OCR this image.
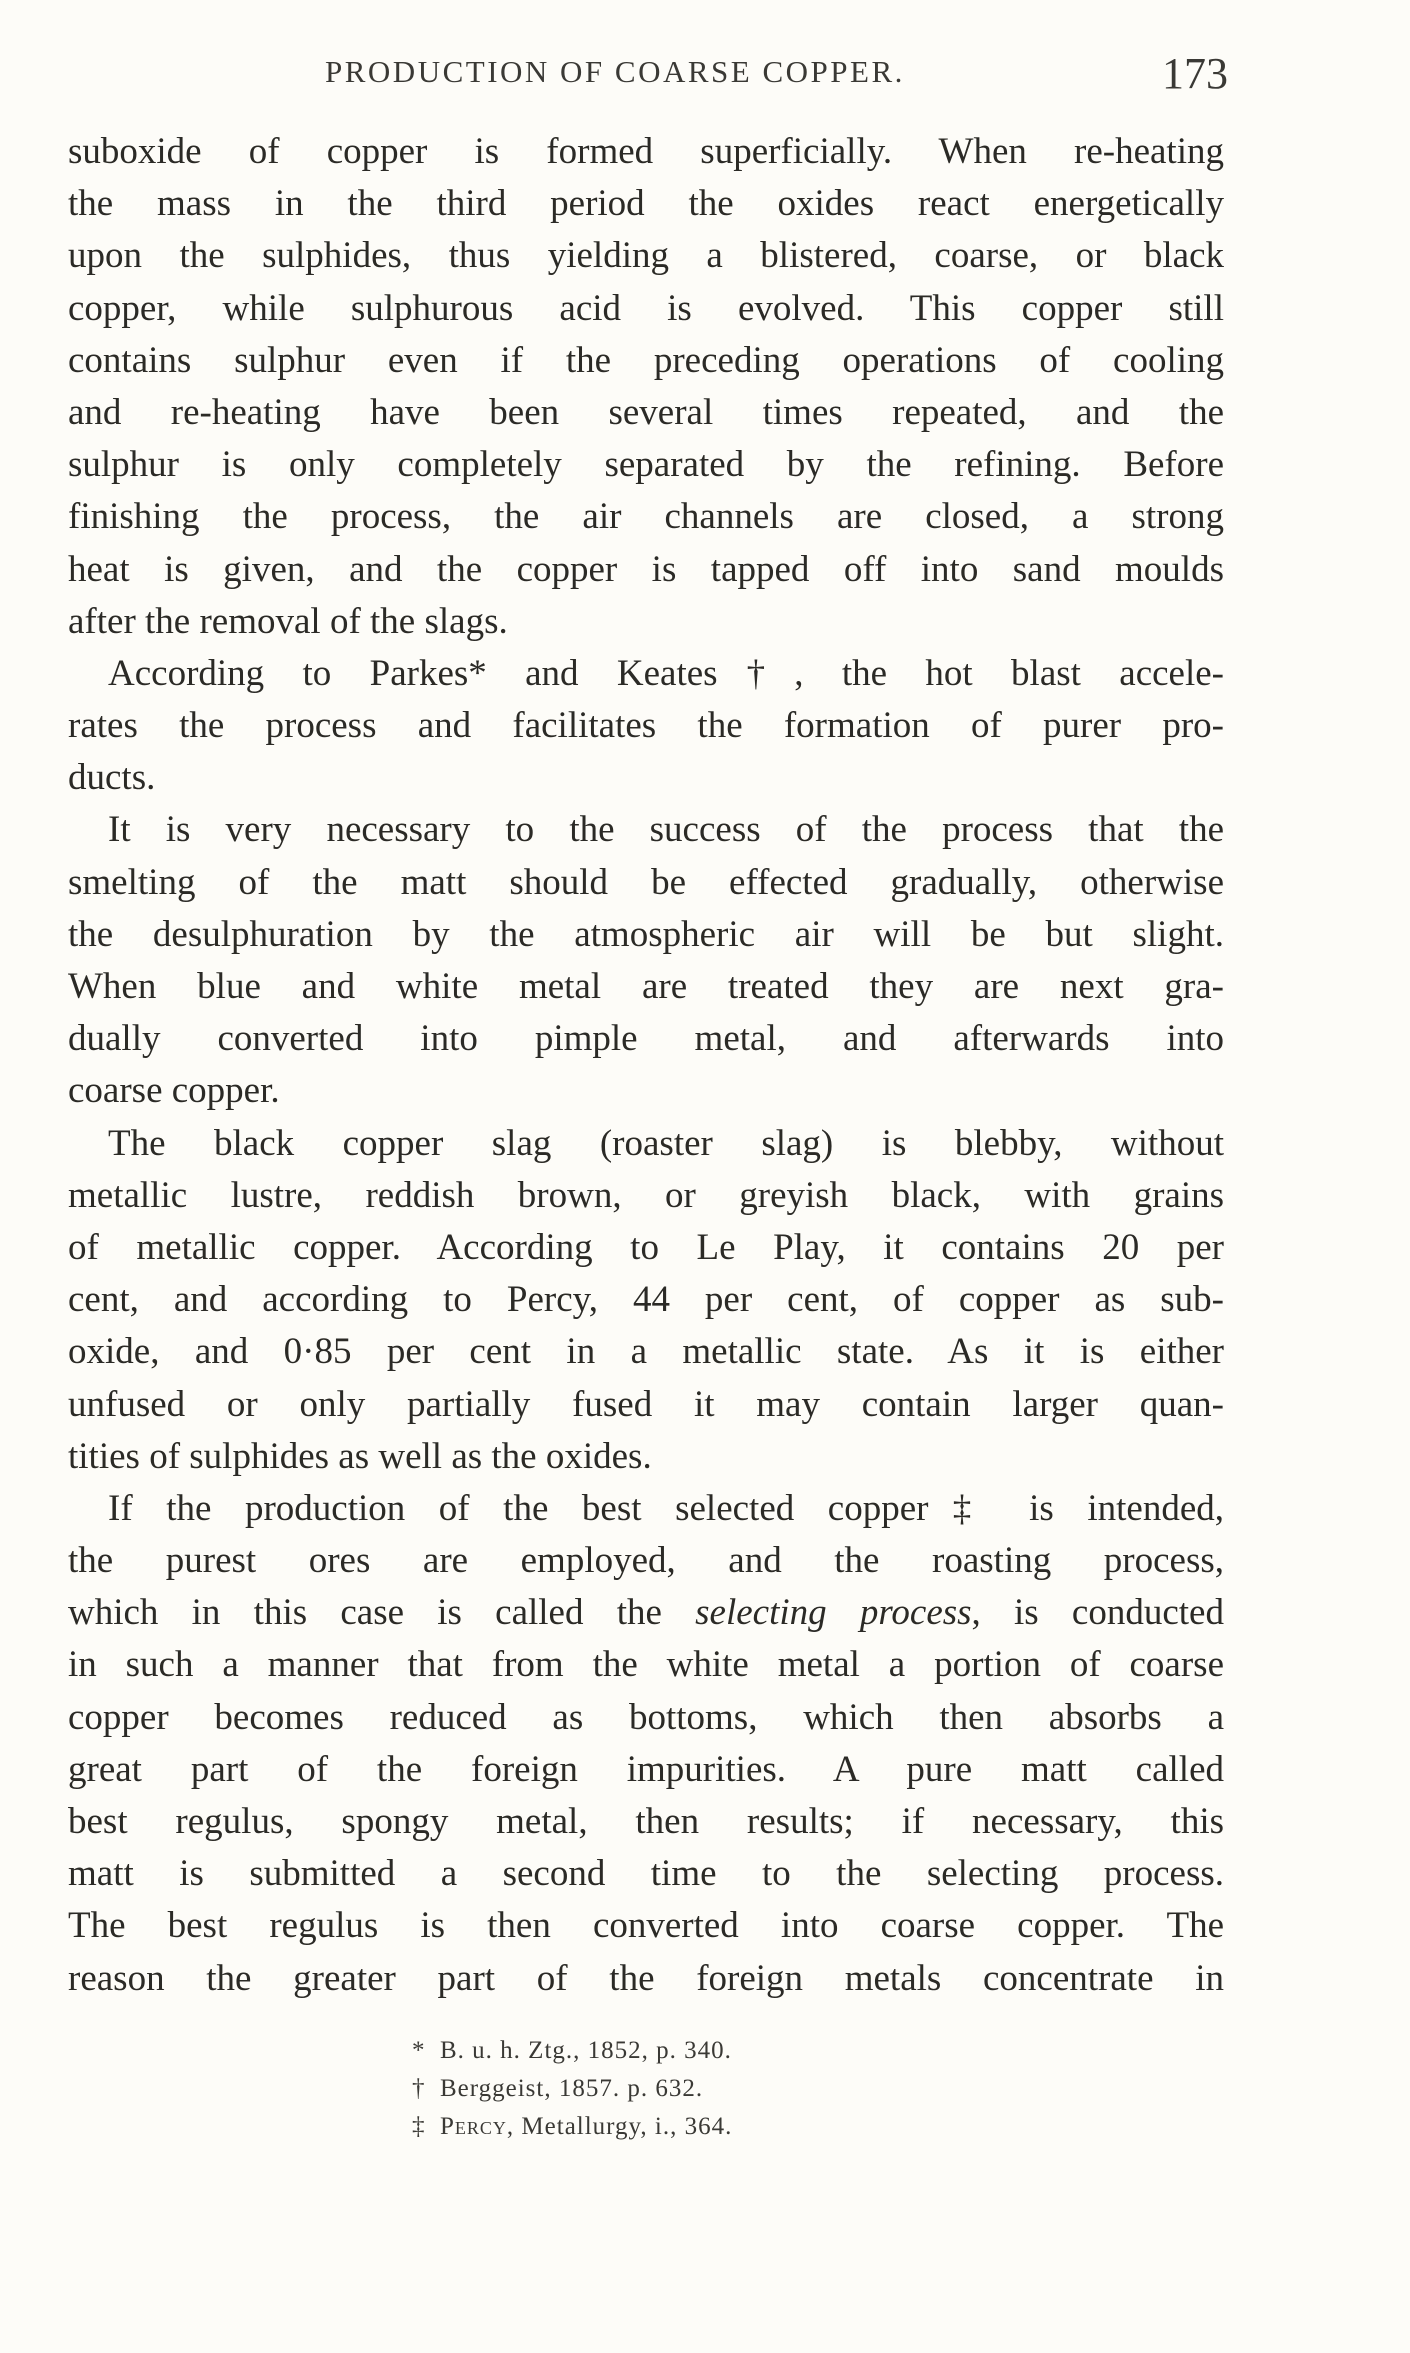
PRODUCTION OF COARSE COPPER.	173
suboxide of copper is formed superficially. When re-heating
the mass in the third period the oxides react energetically
upon the sulphides, thus yielding a blistered, coarse, or black
copper, while sulphurous acid is evolved. This copper still
contains sulphur even if the preceding operations of cooling
and re-heating have been several times repeated, and the
sulphur is only completely separated by the refining. Before
finishing the process, the air channels are closed, a strong
heat is given, and the copper is tapped off into sand moulds
after the removal of the slags.
According to Parkes* and Keates†, the hot blast accele-
rates the process and facilitates the formation of purer pro-
ducts.
It is very necessary to the success of the process that the
smelting of the matt should be effected gradually, otherwise
the desulphuration by the atmospheric air will be but slight.
When blue and white metal are treated they are next gra-
dually converted into pimple metal, and afterwards into
coarse copper.
The black copper slag (roaster slag) is blebby, without
metallic lustre, reddish brown, or greyish black, with grains
of metallic copper. According to Le Play, it contains 20 per
cent, and according to Percy, 44 per cent, of copper as sub-
oxide, and 0·85 per cent in a metallic state. As it is either
unfused or only partially fused it may contain larger quan-
tities of sulphides as well as the oxides.
If the production of the best selected copper‡ is intended,
the purest ores are employed, and the roasting process,
which in this case is called the selecting process, is conducted
in such a manner that from the white metal a portion of coarse
copper becomes reduced as bottoms, which then absorbs a
great part of the foreign impurities. A pure matt called
best regulus, spongy metal, then results; if necessary, this
matt is submitted a second time to the selecting process.
The best regulus is then converted into coarse copper. The
reason the greater part of the foreign metals concentrate in
* B. u. h. Ztg., 1852, p. 340.
† Berggeist, 1857. p. 632.
‡ Percy, Metallurgy, i., 364.
